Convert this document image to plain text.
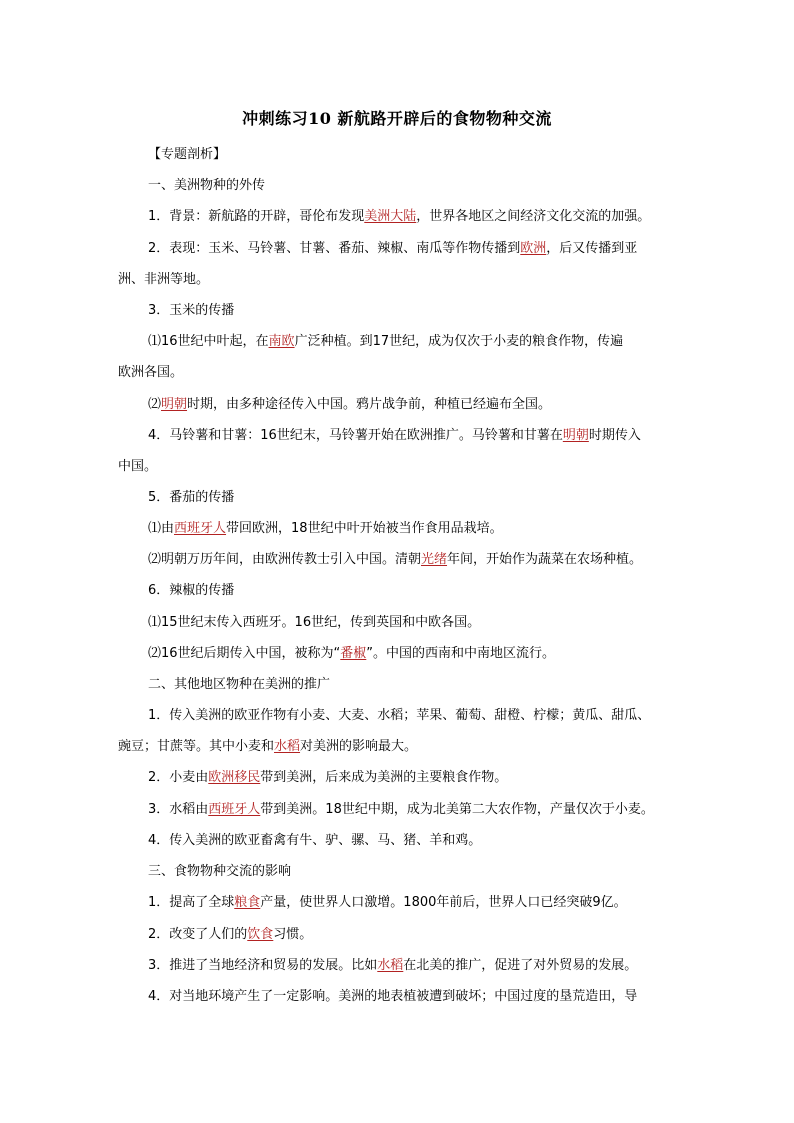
冲刺练习10 新航路开辟后的食物物种交流
【专题剖析】
一、美洲物种的外传
1．背景：新航路的开辟，哥伦布发现美洲大陆，世界各地区之间经济文化交流的加强。
2．表现：玉米、马铃薯、甘薯、番茄、辣椒、南瓜等作物传播到欧洲，后又传播到亚
洲、非洲等地。
3．玉米的传播
⑴16世纪中叶起，在南欧广泛种植。到17世纪，成为仅次于小麦的粮食作物，传遍
欧洲各国。
⑵明朝时期，由多种途径传入中国。鸦片战争前，种植已经遍布全国。
4．马铃薯和甘薯：16世纪末，马铃薯开始在欧洲推广。马铃薯和甘薯在明朝时期传入
中国。
5．番茄的传播
⑴由西班牙人带回欧洲，18世纪中叶开始被当作食用品栽培。
⑵明朝万历年间，由欧洲传教士引入中国。清朝光绪年间，开始作为蔬菜在农场种植。
6．辣椒的传播
⑴15世纪末传入西班牙。16世纪，传到英国和中欧各国。
⑵16世纪后期传入中国，被称为“番椒”。中国的西南和中南地区流行。
二、其他地区物种在美洲的推广
1．传入美洲的欧亚作物有小麦、大麦、水稻；苹果、葡萄、甜橙、柠檬；黄瓜、甜瓜、
豌豆；甘蔗等。其中小麦和水稻对美洲的影响最大。
2．小麦由欧洲移民带到美洲，后来成为美洲的主要粮食作物。
3．水稻由西班牙人带到美洲。18世纪中期，成为北美第二大农作物，产量仅次于小麦。
4．传入美洲的欧亚畜禽有牛、驴、骡、马、猪、羊和鸡。
三、食物物种交流的影响
1．提高了全球粮食产量，使世界人口激增。1800年前后，世界人口已经突破9亿。
2．改变了人们的饮食习惯。
3．推进了当地经济和贸易的发展。比如水稻在北美的推广，促进了对外贸易的发展。
4．对当地环境产生了一定影响。美洲的地表植被遭到破坏；中国过度的垦荒造田，导
